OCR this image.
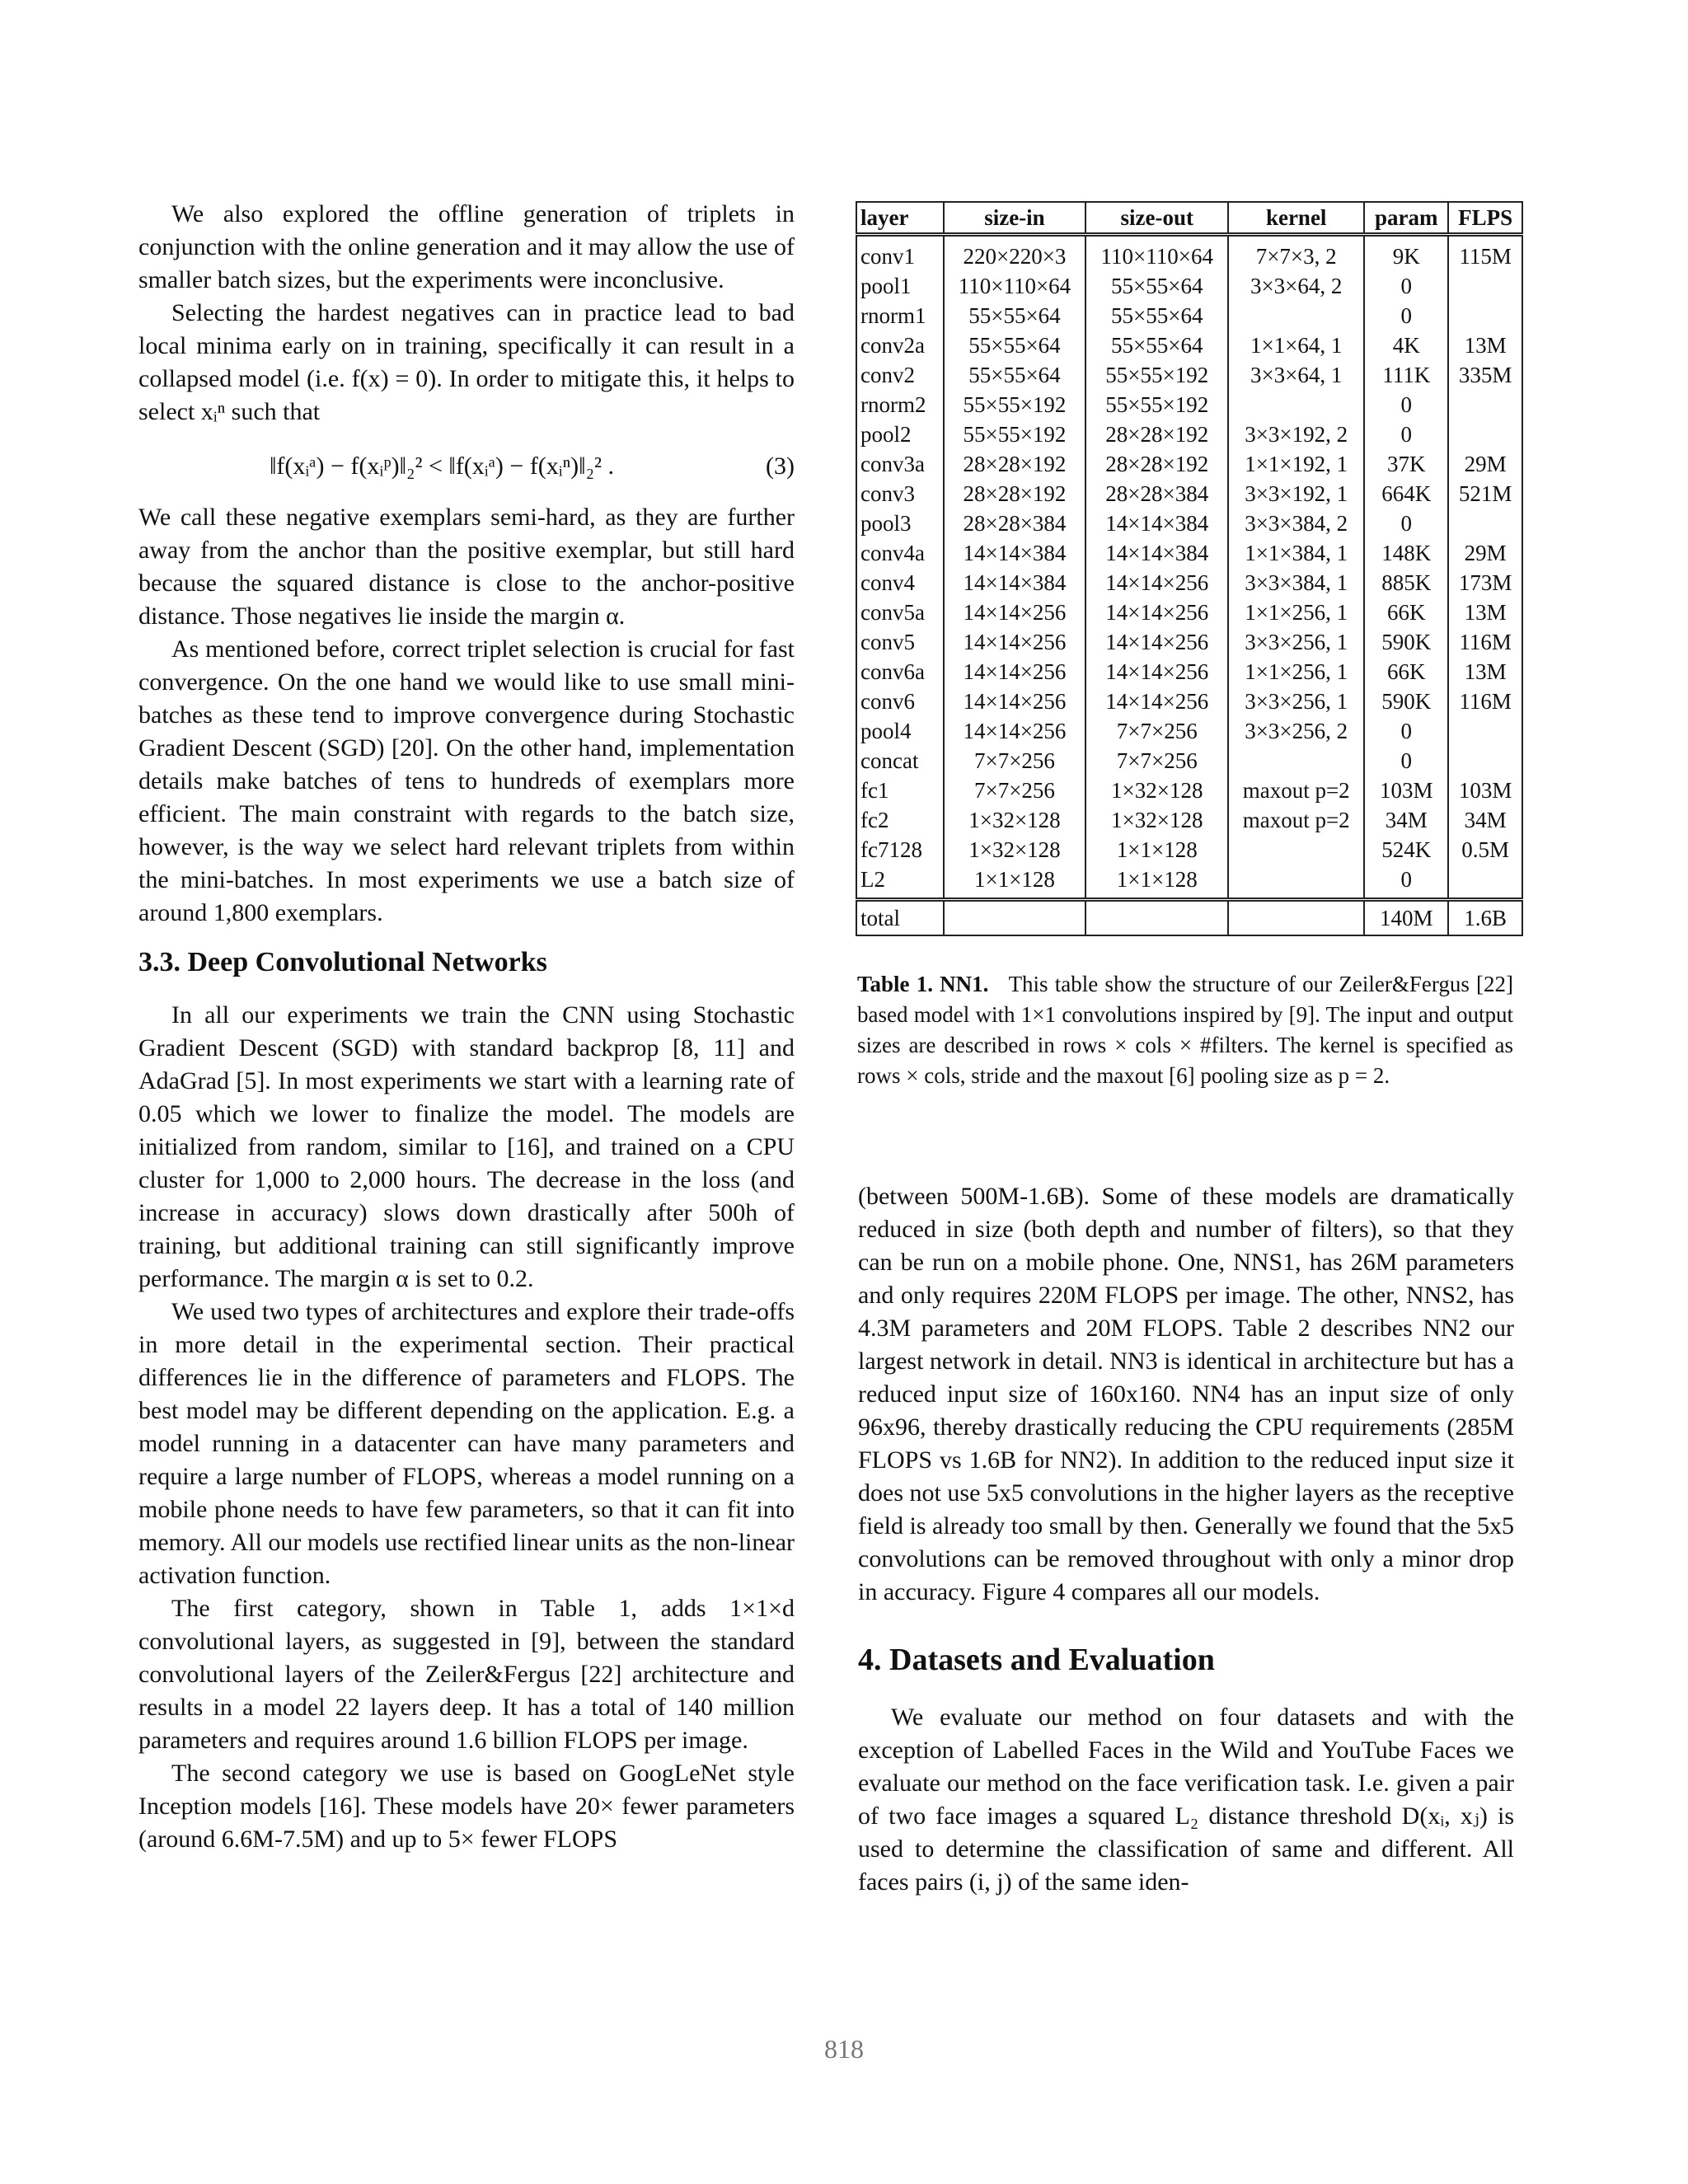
We also explored the offline generation of triplets in conjunction with the online generation and it may allow the use of smaller batch sizes, but the experiments were inconclusive.

Selecting the hardest negatives can in practice lead to bad local minima early on in training, specifically it can result in a collapsed model (i.e. f(x) = 0). In order to mitigate this, it helps to select xᵢⁿ such that

‖f(xᵢᵃ) − f(xᵢᵖ)‖₂² < ‖f(xᵢᵃ) − f(xᵢⁿ)‖₂² .	(3)

We call these negative exemplars semi-hard, as they are further away from the anchor than the positive exemplar, but still hard because the squared distance is close to the anchor-positive distance. Those negatives lie inside the margin α.

As mentioned before, correct triplet selection is crucial for fast convergence. On the one hand we would like to use small mini-batches as these tend to improve convergence during Stochastic Gradient Descent (SGD) [20]. On the other hand, implementation details make batches of tens to hundreds of exemplars more efficient. The main constraint with regards to the batch size, however, is the way we select hard relevant triplets from within the mini-batches. In most experiments we use a batch size of around 1,800 exemplars.

3.3. Deep Convolutional Networks

In all our experiments we train the CNN using Stochastic Gradient Descent (SGD) with standard backprop [8, 11] and AdaGrad [5]. In most experiments we start with a learning rate of 0.05 which we lower to finalize the model. The models are initialized from random, similar to [16], and trained on a CPU cluster for 1,000 to 2,000 hours. The decrease in the loss (and increase in accuracy) slows down drastically after 500h of training, but additional training can still significantly improve performance. The margin α is set to 0.2.

We used two types of architectures and explore their trade-offs in more detail in the experimental section. Their practical differences lie in the difference of parameters and FLOPS. The best model may be different depending on the application. E.g. a model running in a datacenter can have many parameters and require a large number of FLOPS, whereas a model running on a mobile phone needs to have few parameters, so that it can fit into memory. All our models use rectified linear units as the non-linear activation function.

The first category, shown in Table 1, adds 1×1×d convolutional layers, as suggested in [9], between the standard convolutional layers of the Zeiler&Fergus [22] architecture and results in a model 22 layers deep. It has a total of 140 million parameters and requires around 1.6 billion FLOPS per image.

The second category we use is based on GoogLeNet style Inception models [16]. These models have 20× fewer parameters (around 6.6M-7.5M) and up to 5× fewer FLOPS

layer	size-in	size-out	kernel	param	FLPS
conv1	220×220×3	110×110×64	7×7×3, 2	9K	115M
pool1	110×110×64	55×55×64	3×3×64, 2	0	
rnorm1	55×55×64	55×55×64		0	
conv2a	55×55×64	55×55×64	1×1×64, 1	4K	13M
conv2	55×55×64	55×55×192	3×3×64, 1	111K	335M
rnorm2	55×55×192	55×55×192		0	
pool2	55×55×192	28×28×192	3×3×192, 2	0	
conv3a	28×28×192	28×28×192	1×1×192, 1	37K	29M
conv3	28×28×192	28×28×384	3×3×192, 1	664K	521M
pool3	28×28×384	14×14×384	3×3×384, 2	0	
conv4a	14×14×384	14×14×384	1×1×384, 1	148K	29M
conv4	14×14×384	14×14×256	3×3×384, 1	885K	173M
conv5a	14×14×256	14×14×256	1×1×256, 1	66K	13M
conv5	14×14×256	14×14×256	3×3×256, 1	590K	116M
conv6a	14×14×256	14×14×256	1×1×256, 1	66K	13M
conv6	14×14×256	14×14×256	3×3×256, 1	590K	116M
pool4	14×14×256	7×7×256	3×3×256, 2	0	
concat	7×7×256	7×7×256		0	
fc1	7×7×256	1×32×128	maxout p=2	103M	103M
fc2	1×32×128	1×32×128	maxout p=2	34M	34M
fc7128	1×32×128	1×1×128		524K	0.5M
L2	1×1×128	1×1×128		0	
total				140M	1.6B
Table 1. NN1. This table show the structure of our Zeiler&Fergus [22] based model with 1×1 convolutions inspired by [9]. The input and output sizes are described in rows × cols × #filters. The kernel is specified as rows × cols, stride and the maxout [6] pooling size as p = 2.

(between 500M-1.6B). Some of these models are dramatically reduced in size (both depth and number of filters), so that they can be run on a mobile phone. One, NNS1, has 26M parameters and only requires 220M FLOPS per image. The other, NNS2, has 4.3M parameters and 20M FLOPS. Table 2 describes NN2 our largest network in detail. NN3 is identical in architecture but has a reduced input size of 160x160. NN4 has an input size of only 96x96, thereby drastically reducing the CPU requirements (285M FLOPS vs 1.6B for NN2). In addition to the reduced input size it does not use 5x5 convolutions in the higher layers as the receptive field is already too small by then. Generally we found that the 5x5 convolutions can be removed throughout with only a minor drop in accuracy. Figure 4 compares all our models.

4. Datasets and Evaluation

We evaluate our method on four datasets and with the exception of Labelled Faces in the Wild and YouTube Faces we evaluate our method on the face verification task. I.e. given a pair of two face images a squared L₂ distance threshold D(xᵢ, xⱼ) is used to determine the classification of same and different. All faces pairs (i, j) of the same iden-

818
